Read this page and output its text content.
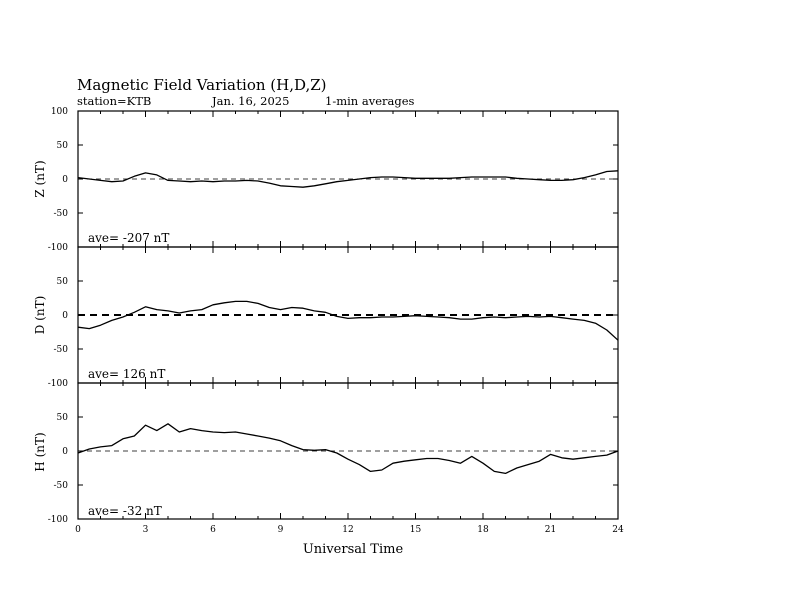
Magnetic Field Variation (H,D,Z)
station=KTB	Jan. 16, 2025	1-min averages
Z (nT)
D (nT)
H (nT)
ave= -207 nT
ave= 126 nT
ave= -32 nT
Universal Time
100
50
0
-50
-100
50
0
-50
-100
50
0
-50
-100
0	3	6	9	12	15	18	21	24
